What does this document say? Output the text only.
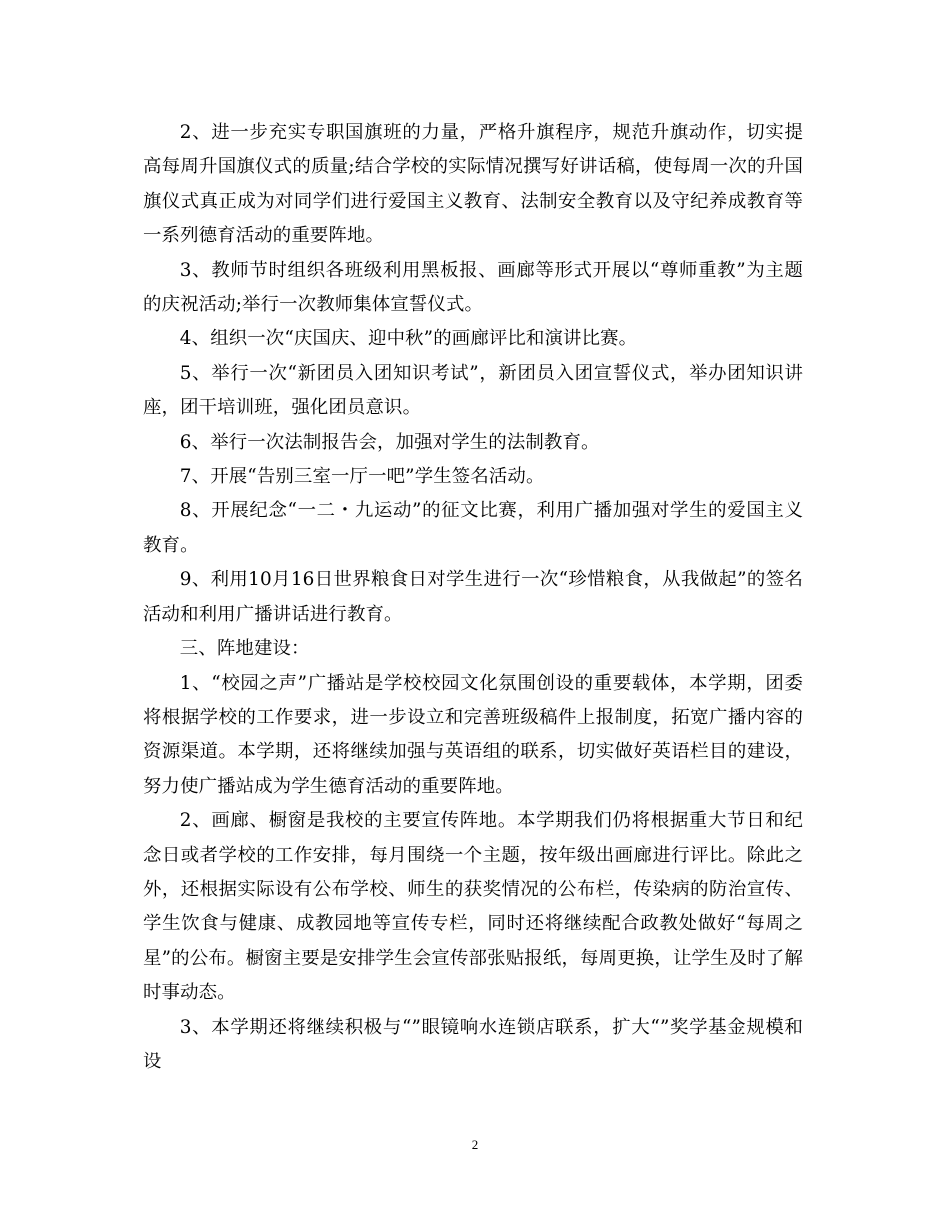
2、进一步充实专职国旗班的力量，严格升旗程序，规范升旗动作，切实提高每周升国旗仪式的质量;结合学校的实际情况撰写好讲话稿，使每周一次的升国旗仪式真正成为对同学们进行爱国主义教育、法制安全教育以及守纪养成教育等一系列德育活动的重要阵地。

3、教师节时组织各班级利用黑板报、画廊等形式开展以“尊师重教”为主题的庆祝活动;举行一次教师集体宣誓仪式。

4、组织一次“庆国庆、迎中秋”的画廊评比和演讲比赛。

5、举行一次“新团员入团知识考试”，新团员入团宣誓仪式，举办团知识讲座，团干培训班，强化团员意识。

6、举行一次法制报告会，加强对学生的法制教育。

7、开展“告别三室一厅一吧”学生签名活动。

8、开展纪念“一二・九运动”的征文比赛，利用广播加强对学生的爱国主义教育。

9、利用10月16日世界粮食日对学生进行一次“珍惜粮食，从我做起”的签名活动和利用广播讲话进行教育。

三、阵地建设：

1、“校园之声”广播站是学校校园文化氛围创设的重要载体，本学期，团委将根据学校的工作要求，进一步设立和完善班级稿件上报制度，拓宽广播内容的资源渠道。本学期，还将继续加强与英语组的联系，切实做好英语栏目的建设，努力使广播站成为学生德育活动的重要阵地。

2、画廊、橱窗是我校的主要宣传阵地。本学期我们仍将根据重大节日和纪念日或者学校的工作安排，每月围绕一个主题，按年级出画廊进行评比。除此之外，还根据实际设有公布学校、师生的获奖情况的公布栏，传染病的防治宣传、学生饮食与健康、成教园地等宣传专栏，同时还将继续配合政教处做好“每周之星”的公布。橱窗主要是安排学生会宣传部张贴报纸，每周更换，让学生及时了解时事动态。

3、本学期还将继续积极与“”眼镜响水连锁店联系，扩大“”奖学基金规模和设

2
